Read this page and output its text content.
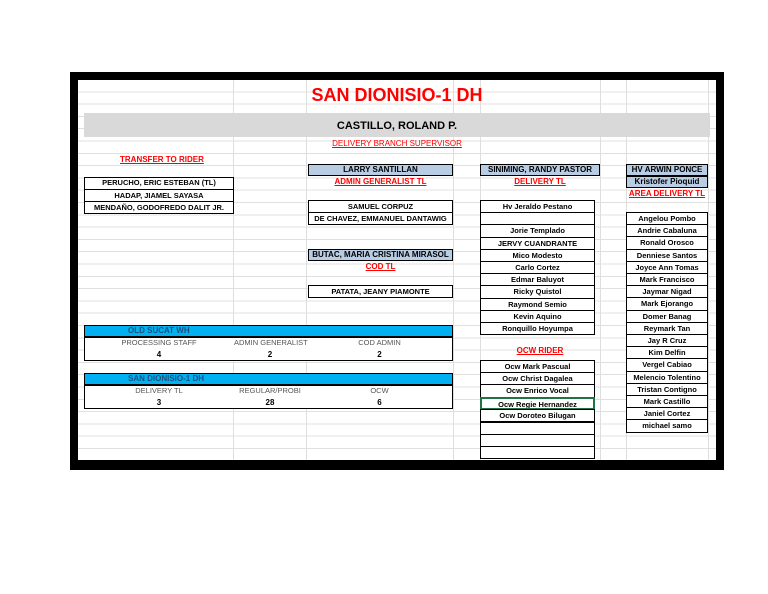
SAN DIONISIO-1 DH
CASTILLO, ROLAND P.
DELIVERY BRANCH SUPERVISOR
TRANSFER TO RIDER
PERUCHO, ERIC ESTEBAN (TL)
HADAP, JIAMEL SAYASA
MENDAÑO, GODOFREDO DALIT JR.
LARRY SANTILLAN
ADMIN GENERALIST TL
SAMUEL CORPUZ
DE CHAVEZ, EMMANUEL DANTAWIG
BUTAC, MARIA CRISTINA MIRASOL
COD TL
PATATA, JEANY PIAMONTE
SINIMING, RANDY PASTOR
DELIVERY TL
Hv Jeraldo Pestano
Jorie Templado
JERVY CUANDRANTE
Mico Modesto
Carlo Cortez
Edmar Baluyot
Ricky Quistol
Raymond Semio
Kevin Aquino
Ronquillo Hoyumpa
OCW RIDER
Ocw Mark Pascual
Ocw Christ Dagalea
Ocw Enrico Vocal
Ocw Regie Hernandez
Ocw Doroteo Bilugan
HV ARWIN PONCE
Kristofer Pioquid
AREA DELIVERY TL
Angelou Pombo
Andrie Cabaluna
Ronald Orosco
Denniese Santos
Joyce Ann Tomas
Mark Francisco
Jaymar Nigad
Mark Ejorango
Domer Banag
Reymark Tan
Jay R Cruz
Kim Delfin
Vergel Cabiao
Melencio Tolentino
Tristan Contigno
Mark Castillo
Janiel Cortez
michael samo
OLD SUCAT WH
PROCESSING STAFF	ADMIN GENERALIST	COD ADMIN
4	2	2
SAN DIONISIO-1 DH
DELIVERY TL	REGULAR/PROBI	OCW
3	28	6
